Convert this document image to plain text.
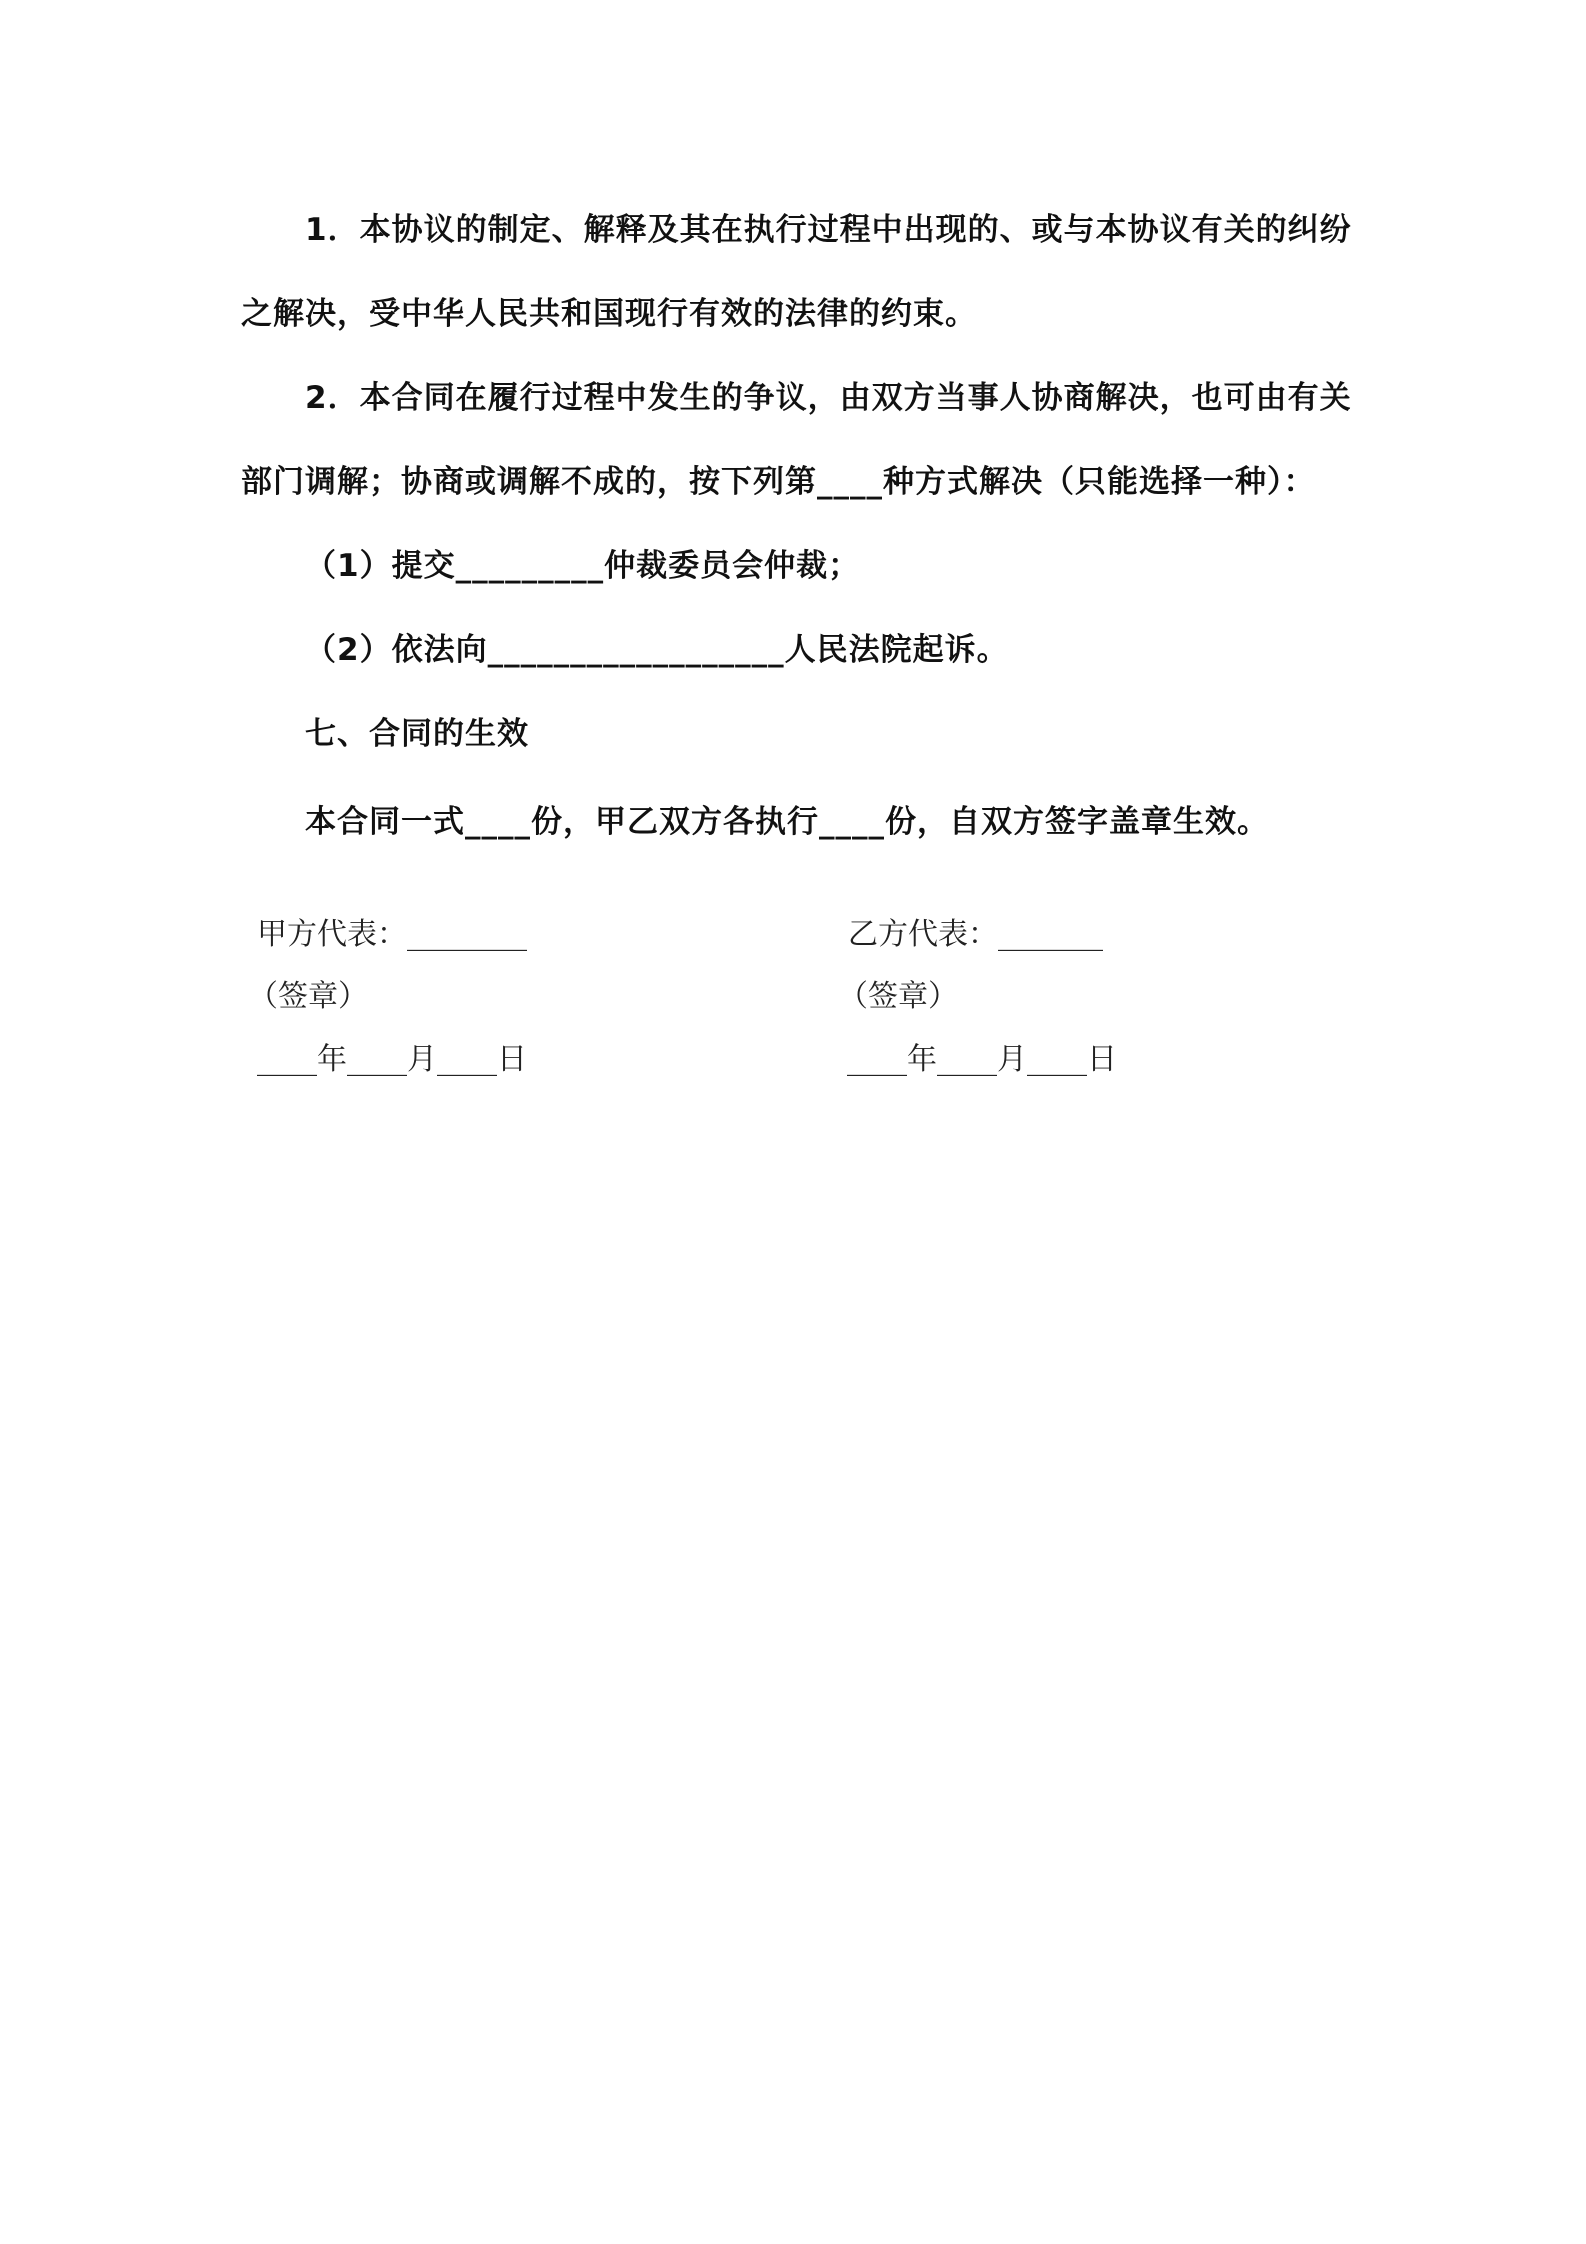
1．本协议的制定、解释及其在执行过程中出现的、或与本协议有关的纠纷
之解决，受中华人民共和国现行有效的法律的约束。
2．本合同在履行过程中发生的争议，由双方当事人协商解决，也可由有关
部门调解；协商或调解不成的，按下列第____种方式解决（只能选择一种）：
（1）提交_________仲裁委员会仲裁；
（2）依法向__________________人民法院起诉。
七、合同的生效
本合同一式____份，甲乙双方各执行____份，自双方签字盖章生效。
甲方代表：________
（签章）
____年____月____日
乙方代表：_______
（签章）
____年____月____日
